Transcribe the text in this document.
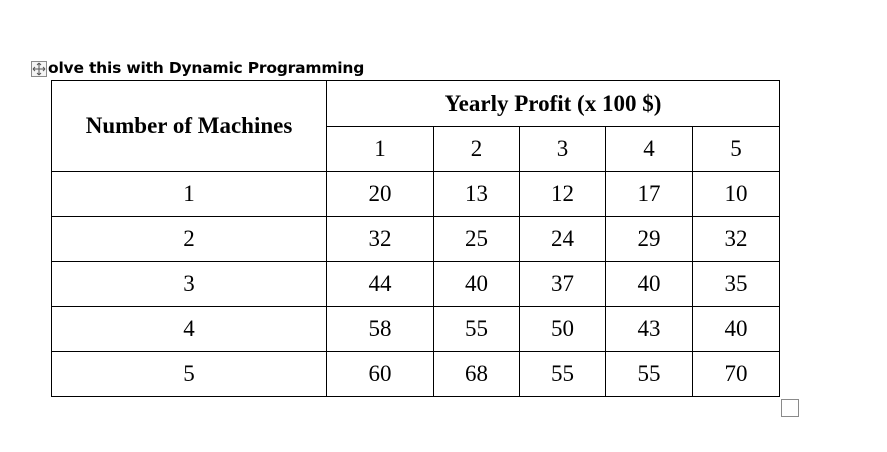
olve this with Dynamic Programming
Number of Machines	Yearly Profit (x 100 $)				
	1	2	3	4	5
1	20	13	12	17	10
2	32	25	24	29	32
3	44	40	37	40	35
4	58	55	50	43	40
5	60	68	55	55	70
